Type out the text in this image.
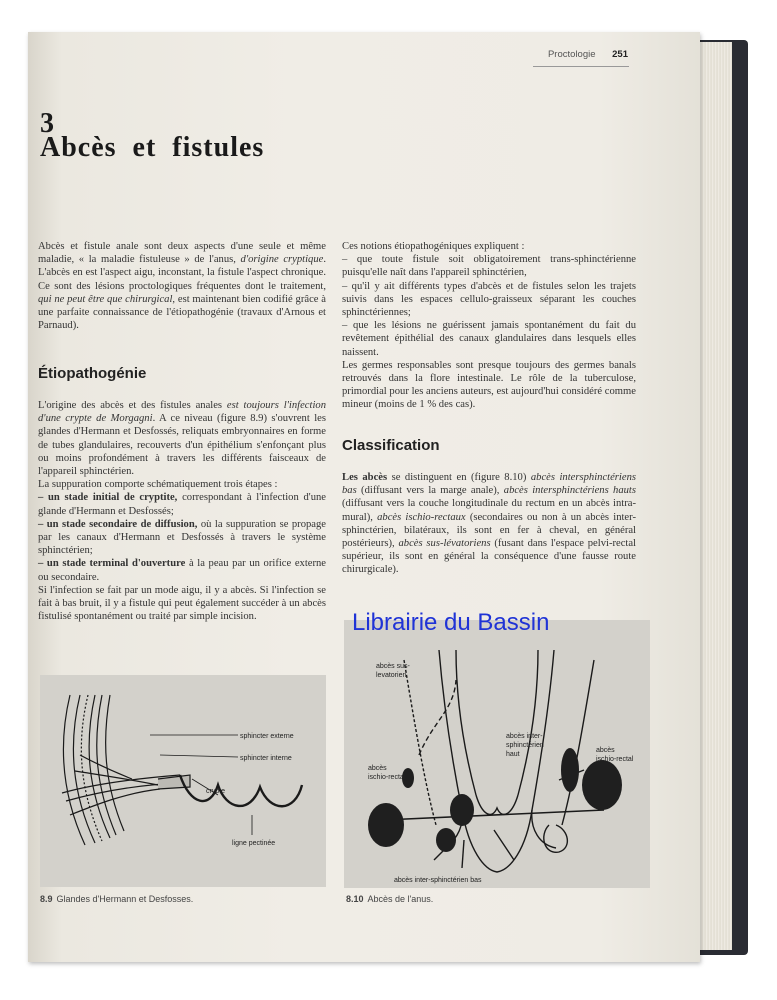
Proctologie 251
3
Abcès et fistules

Abcès et fistule anale sont deux aspects d'une seule et même maladie, « la maladie fistuleuse » de l'anus, d'origine cryptique. L'abcès en est l'aspect aigu, inconstant, la fistule l'aspect chronique. Ce sont des lésions proctologiques fréquentes dont le traitement, qui ne peut être que chirurgical, est maintenant bien codifié grâce à une parfaite connaissance de l'étiopathogénie (travaux d'Arnous et Parnaud).

Étiopathogénie

L'origine des abcès et des fistules anales est toujours l'infection d'une crypte de Morgagni. A ce niveau (figure 8.9) s'ouvrent les glandes d'Hermann et Desfossés, reliquats embryonnaires en forme de tubes glandulaires, recouverts d'un épithélium s'enfonçant plus ou moins profondément à travers les différents faisceaux de l'appareil sphinctérien.

La suppuration comporte schématiquement trois étapes :

– un stade initial de cryptite, correspondant à l'infection d'une glande d'Hermann et Desfossés;

– un stade secondaire de diffusion, où la suppuration se propage par les canaux d'Hermann et Desfossés à travers le système sphinctérien;

– un stade terminal d'ouverture à la peau par un orifice externe ou secondaire.

Si l'infection se fait par un mode aigu, il y a abcès. Si l'infection se fait à bas bruit, il y a fistule qui peut également succéder à un abcès fistulisé spontanément ou traité par simple incision.

Ces notions étiopathogéniques expliquent :

– que toute fistule soit obligatoirement trans-sphinctérienne puisqu'elle naît dans l'appareil sphinctérien,

– qu'il y ait différents types d'abcès et de fistules selon les trajets suivis dans les espaces cellulo-graisseux séparant les couches sphinctériennes;

– que les lésions ne guérissent jamais spontanément du fait du revêtement épithélial des canaux glandulaires dans lesquels elles naissent.

Les germes responsables sont presque toujours des germes banals retrouvés dans la flore intestinale. Le rôle de la tuberculose, primordial pour les anciens auteurs, est aujourd'hui considéré comme mineur (moins de 1 % des cas).

Classification

Les abcès se distinguent en (figure 8.10) abcès intersphinctériens bas (diffusant vers la marge anale), abcès intersphinctériens hauts (diffusant vers la couche longitudinale du rectum en un abcès intra-mural), abcès ischio-rectaux (secondaires ou non à un abcès inter-sphinctérien, bilatéraux, ils sont en fer à cheval, en général postérieurs), abcès sus-lévatoriens (fusant dans l'espace pelvi-rectal supérieur, ils sont en général la conséquence d'une fausse route chirurgicale).

sphincter externe
sphincter interne
crypte
ligne pectinée
8.9 Glandes d'Hermann et Desfosses.
abcès sus-
levatorien
abcès inter-
sphinctérien
haut
abcès
ischio-rectal
abcès
ischio-rectal
abcès inter-sphinctérien bas
8.10 Abcès de l'anus.
Librairie du Bassin
